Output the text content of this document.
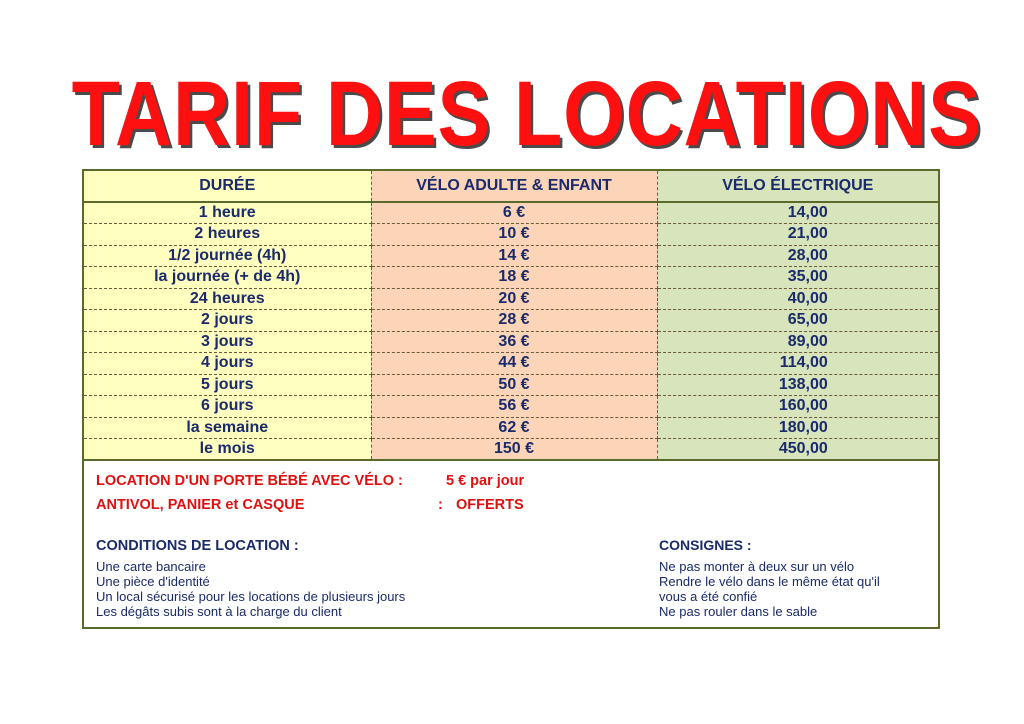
TARIF DES LOCATIONS
DURÉE	VÉLO ADULTE & ENFANT	VÉLO ÉLECTRIQUE
1 heure	6 €	14,00
2 heures	10 €	21,00
1/2 journée (4h)	14 €	28,00
la journée (+ de 4h)	18 €	35,00
24 heures	20 €	40,00
2 jours	28 €	65,00
3 jours	36 €	89,00
4 jours	44 €	114,00
5 jours	50 €	138,00
6 jours	56 €	160,00
la semaine	62 €	180,00
le mois	150 €	450,00
LOCATION D'UN PORTE BÉBÉ AVEC VÉLO :	5 € par jour
ANTIVOL, PANIER et CASQUE	: OFFERTS
CONDITIONS DE LOCATION :
Une carte bancaire
Une pièce d'identité
Un local sécurisé pour les locations de plusieurs jours
Les dégâts subis sont à la charge du client
CONSIGNES :
Ne pas monter à deux sur un vélo
Rendre le vélo dans le même état qu'il
vous a été confié
Ne pas rouler dans le sable
